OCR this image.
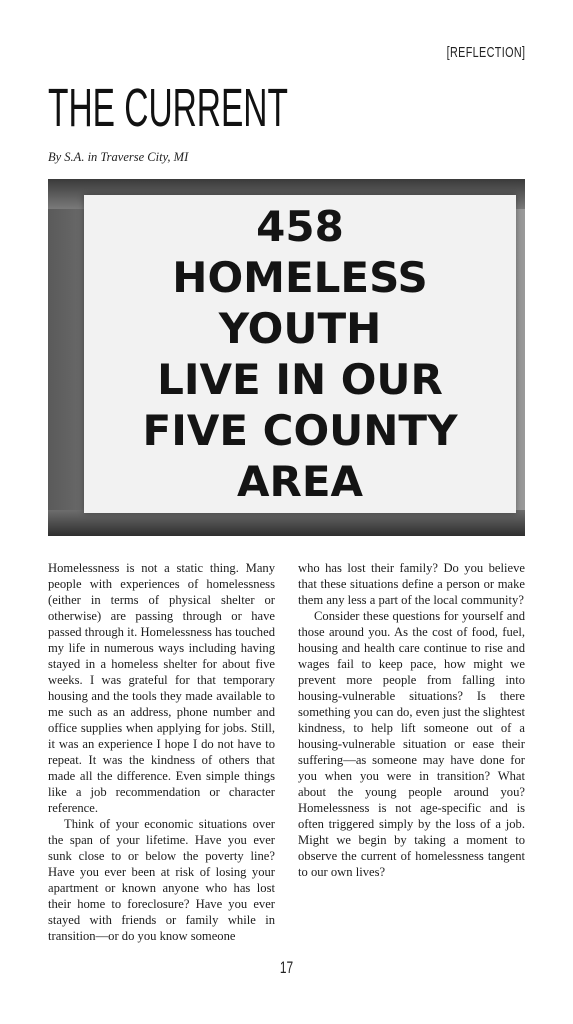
[REFLECTION]
THE CURRENT
By S.A. in Traverse City, MI
458
HOMELESS
YOUTH
LIVE IN OUR
FIVE COUNTY
AREA

Homelessness is not a static thing. Many people with experiences of homelessness (either in terms of physical shelter or otherwise) are passing through or have passed through it. Homelessness has touched my life in numerous ways including having stayed in a homeless shelter for about five weeks. I was grateful for that temporary housing and the tools they made available to me such as an address, phone number and office supplies when applying for jobs. Still, it was an experience I hope I do not have to repeat. It was the kindness of others that made all the difference. Even simple things like a job recommendation or character reference.

Think of your economic situations over the span of your lifetime. Have you ever sunk close to or below the poverty line? Have you ever been at risk of losing your apartment or known anyone who has lost their home to foreclosure? Have you ever stayed with friends or family while in transition—or do you know someone

who has lost their family? Do you believe that these situations define a person or make them any less a part of the local community?

Consider these questions for yourself and those around you. As the cost of food, fuel, housing and health care continue to rise and wages fail to keep pace, how might we prevent more people from falling into housing-vulnerable situations? Is there something you can do, even just the slightest kindness, to help lift someone out of a housing-vulnerable situation or ease their suffering—as someone may have done for you when you were in transition? What about the young people around you? Homelessness is not age-specific and is often triggered simply by the loss of a job. Might we begin by taking a moment to observe the current of homelessness tangent to our own lives?

17
